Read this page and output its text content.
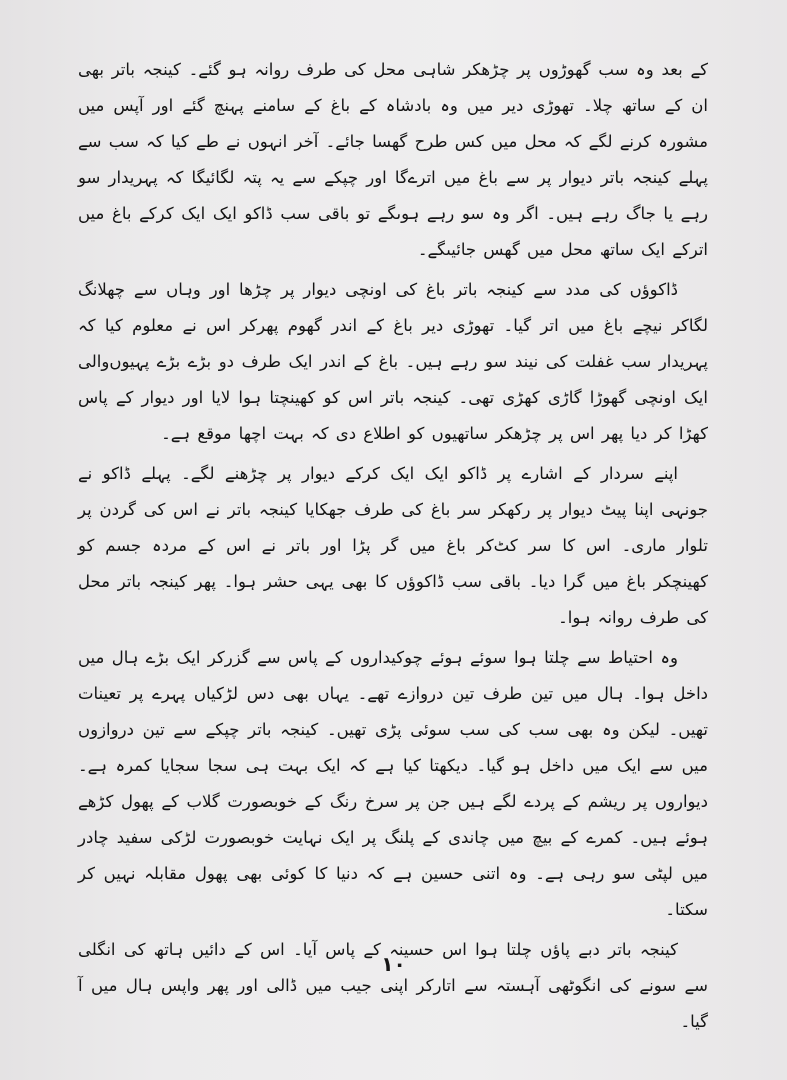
کے بعد وہ سب گھوڑوں پر چڑھکر شاہی محل کی طرف روانہ ہو گئے۔ کینجہ باتر بھی ان کے ساتھ چلا۔ تھوڑی دیر میں وہ بادشاہ کے باغ کے سامنے پہنچ گئے اور آپس میں مشورہ کرنے لگے کہ محل میں کس طرح گھسا جائے۔ آخر انہوں نے طے کیا کہ سب سے پہلے کینجہ باتر دیوار پر سے باغ میں اترےگا اور چپکے سے یہ پتہ لگائیگا کہ پہریدار سو رہے یا جاگ رہے ہیں۔ اگر وہ سو رہے ہوںگے تو باقی سب ڈاکو ایک ایک کرکے باغ میں اترکے ایک ساتھ محل میں گھس جائیںگے۔

ڈاکوؤں کی مدد سے کینجہ باتر باغ کی اونچی دیوار پر چڑھا اور وہاں سے چھلانگ لگاکر نیچے باغ میں اتر گیا۔ تھوڑی دیر باغ کے اندر گھوم پھرکر اس نے معلوم کیا کہ پہریدار سب غفلت کی نیند سو رہے ہیں۔ باغ کے اندر ایک طرف دو بڑے بڑے پہیوں‌والی ایک اونچی گھوڑا گاڑی کھڑی تھی۔ کینجہ باتر اس کو کھینچتا ہوا لایا اور دیوار کے پاس کھڑا کر دیا پھر اس پر چڑھکر ساتھیوں کو اطلاع دی کہ بہت اچھا موقع ہے۔

اپنے سردار کے اشارے پر ڈاکو ایک ایک کرکے دیوار پر چڑھنے لگے۔ پہلے ڈاکو نے جونہی اپنا پیٹ دیوار پر رکھکر سر باغ کی طرف جھکایا کینجہ باتر نے اس کی گردن پر تلوار ماری۔ اس کا سر کٹ‌کر باغ میں گر پڑا اور باتر نے اس کے مردہ جسم کو کھینچکر باغ میں گرا دیا۔ باقی سب ڈاکوؤں کا بھی یہی حشر ہوا۔ پھر کینجہ باتر محل کی طرف روانہ ہوا۔

وہ احتیاط سے چلتا ہوا سوئے ہوئے چوکیداروں کے پاس سے گزرکر ایک بڑے ہال میں داخل ہوا۔ ہال میں تین طرف تین دروازے تھے۔ یہاں بھی دس لڑکیاں پہرے پر تعینات تھیں۔ لیکن وہ بھی سب کی سب سوئی پڑی تھیں۔ کینجہ باتر چپکے سے تین دروازوں میں سے ایک میں داخل ہو گیا۔ دیکھتا کیا ہے کہ ایک بہت ہی سجا سجایا کمرہ ہے۔ دیواروں پر ریشم کے پردے لگے ہیں جن پر سرخ رنگ کے خوبصورت گلاب کے پھول کڑھے ہوئے ہیں۔ کمرے کے بیچ میں چاندی کے پلنگ پر ایک نہایت خوبصورت لڑکی سفید چادر میں لپٹی سو رہی ہے۔ وہ اتنی حسین ہے کہ دنیا کا کوئی بھی پھول مقابلہ نہیں کر سکتا۔

کینجہ باتر دبے پاؤں چلتا ہوا اس حسینہ کے پاس آیا۔ اس کے دائیں ہاتھ کی انگلی سے سونے کی انگوٹھی آہستہ سے اتارکر اپنی جیب میں ڈالی اور پھر واپس ہال میں آ گیا۔

۱۰
